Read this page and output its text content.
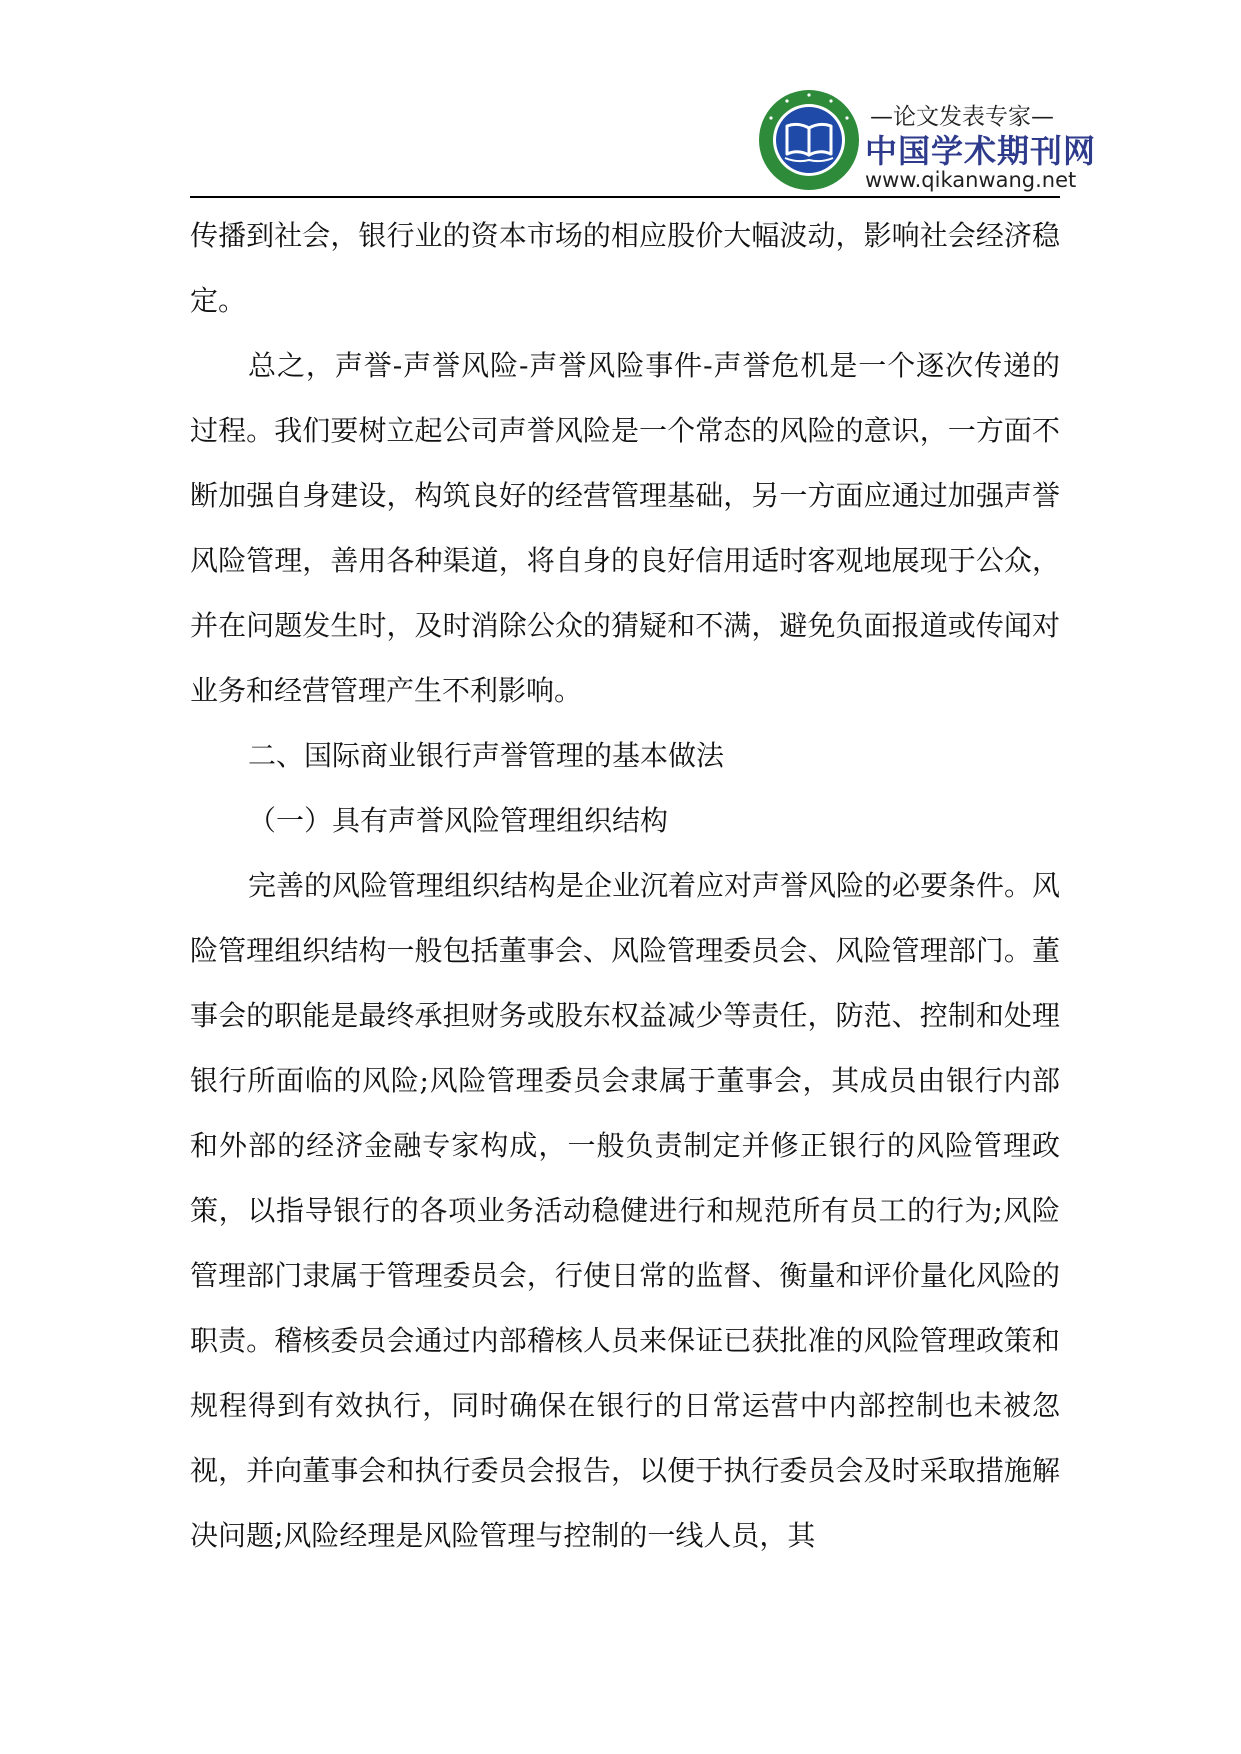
—论文发表专家—
中国学术期刊网
www.qikanwang.net

传播到社会，银行业的资本市场的相应股价大幅波动，影响社会经济稳定。

总之，声誉-声誉风险-声誉风险事件-声誉危机是一个逐次传递的过程。我们要树立起公司声誉风险是一个常态的风险的意识，一方面不断加强自身建设，构筑良好的经营管理基础，另一方面应通过加强声誉风险管理，善用各种渠道，将自身的良好信用适时客观地展现于公众，并在问题发生时，及时消除公众的猜疑和不满，避免负面报道或传闻对业务和经营管理产生不利影响。

二、国际商业银行声誉管理的基本做法

（一）具有声誉风险管理组织结构

完善的风险管理组织结构是企业沉着应对声誉风险的必要条件。风险管理组织结构一般包括董事会、风险管理委员会、风险管理部门。董事会的职能是最终承担财务或股东权益减少等责任，防范、控制和处理银行所面临的风险;风险管理委员会隶属于董事会，其成员由银行内部和外部的经济金融专家构成，一般负责制定并修正银行的风险管理政策，以指导银行的各项业务活动稳健进行和规范所有员工的行为;风险管理部门隶属于管理委员会，行使日常的监督、衡量和评价量化风险的职责。稽核委员会通过内部稽核人员来保证已获批准的风险管理政策和规程得到有效执行，同时确保在银行的日常运营中内部控制也未被忽视，并向董事会和执行委员会报告，以便于执行委员会及时采取措施解决问题;风险经理是风险管理与控制的一线人员，其
